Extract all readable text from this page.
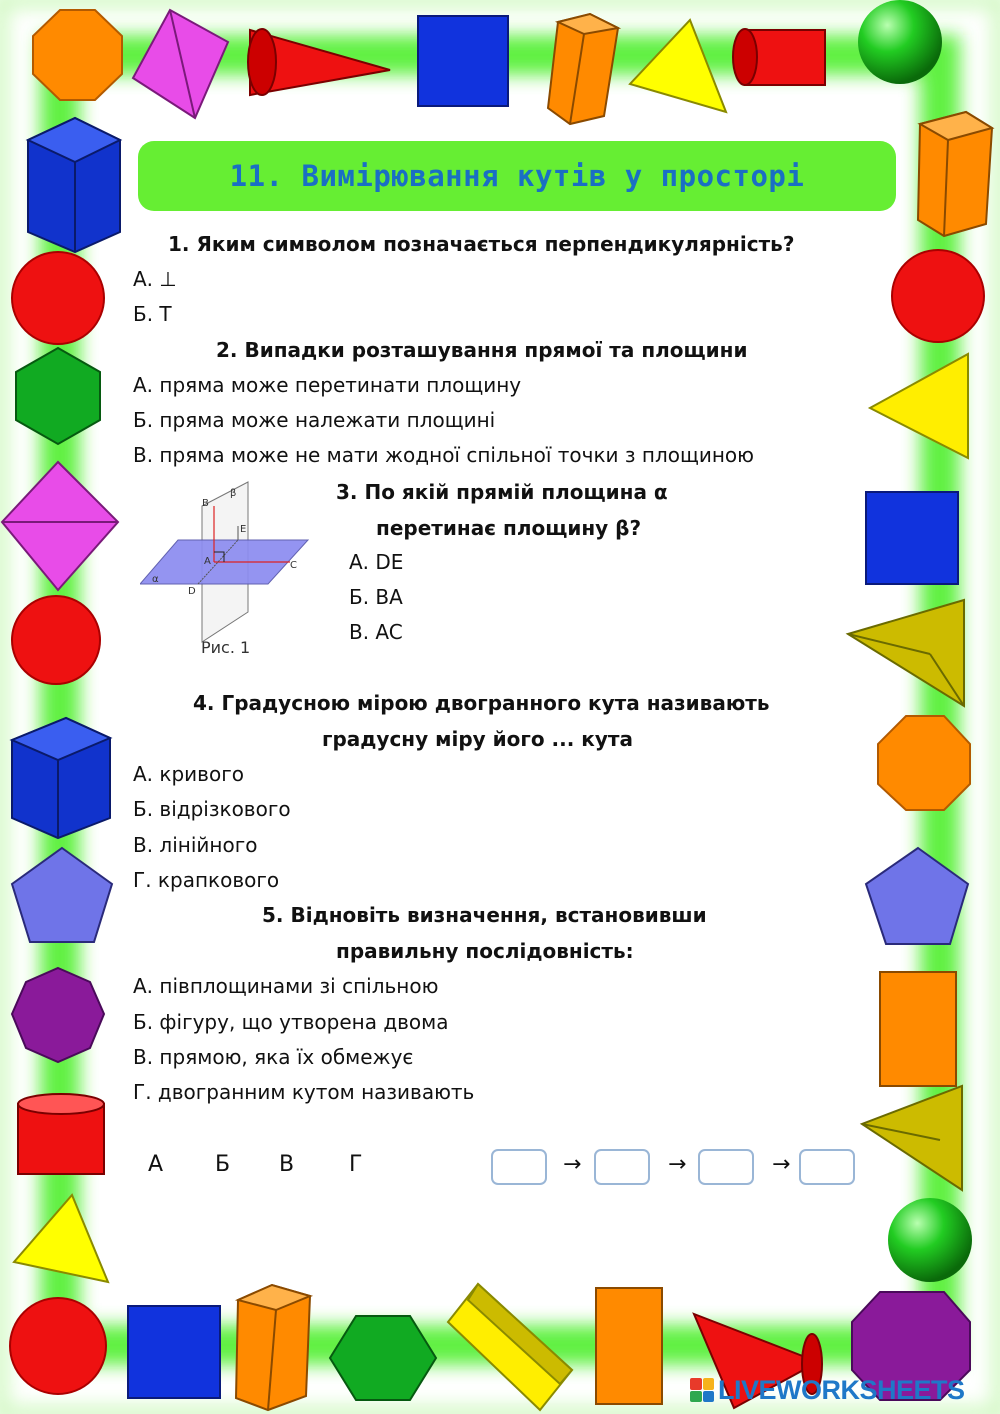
11. Вимірювання кутів у просторі
1. Яким символом позначається перпендикулярність?
А. ⊥
Б. Т
2. Випадки розташування прямої та площини
А. пряма може перетинати площину
Б. пряма може належати площині
В. пряма може не мати жодної спільної точки з площиною
B
β
E
A	C
D
α
Рис. 1
3. По якій прямій площина α
перетинає площину β?
А. DE
Б. BA
В. AC
4. Градусною мірою двогранного кута називають
градусну міру його ... кута
А. кривого
Б. відрізкового
В. лінійного
Г. крапкового
5. Відновіть визначення, встановивши
правильну послідовність:
А. півплощинами зі спільною
Б. фігуру, що утворена двома
В. прямою, яка їх обмежує
Г. двогранним кутом називають
А Б В Г	→	→	→
LIVEWORKSHEETS
